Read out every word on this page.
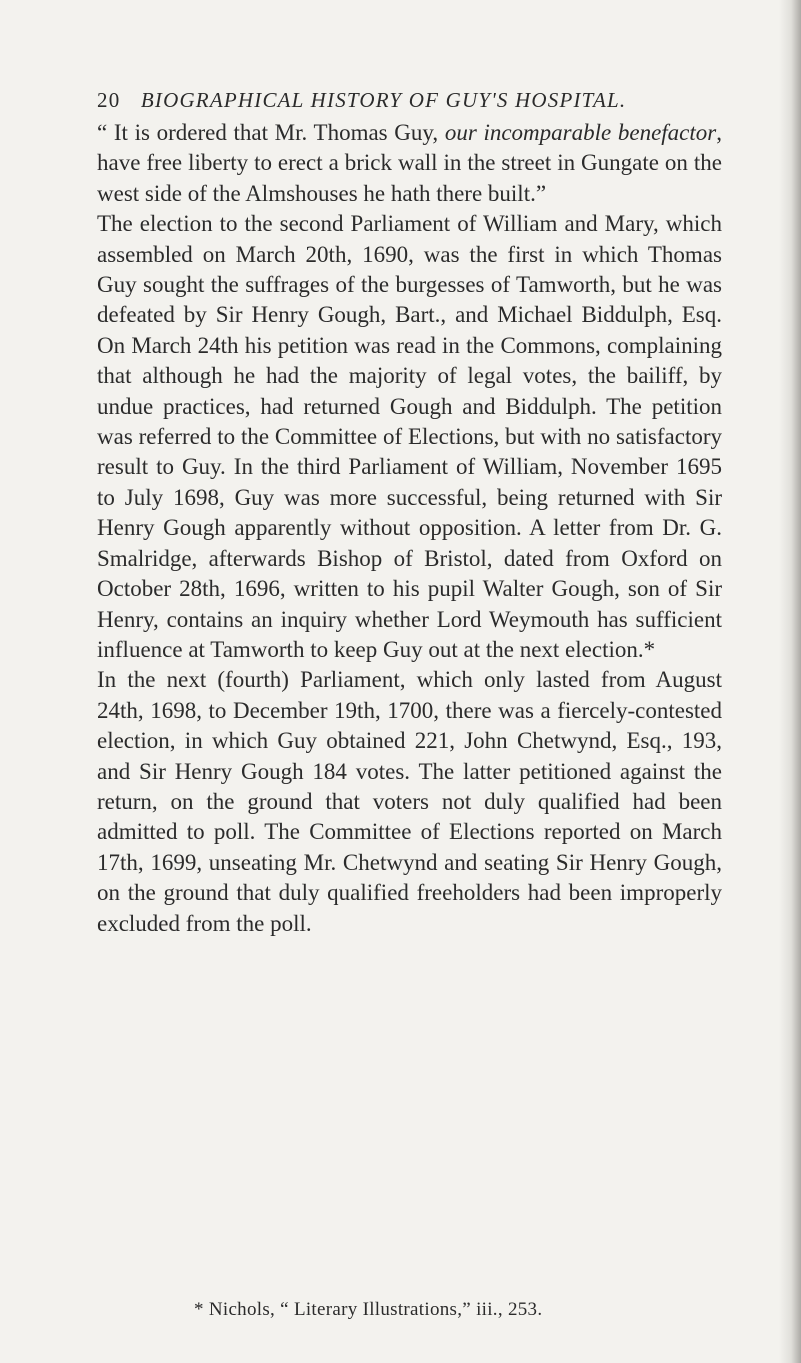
20 BIOGRAPHICAL HISTORY OF GUY'S HOSPITAL.

“ It is ordered that Mr. Thomas Guy, our incomparable benefactor, have free liberty to erect a brick wall in the street in Gungate on the west side of the Almshouses he hath there built.”

The election to the second Parliament of William and Mary, which assembled on March 20th, 1690, was the first in which Thomas Guy sought the suffrages of the burgesses of Tamworth, but he was defeated by Sir Henry Gough, Bart., and Michael Biddulph, Esq. On March 24th his petition was read in the Commons, complaining that although he had the majority of legal votes, the bailiff, by undue practices, had returned Gough and Biddulph. The petition was referred to the Committee of Elections, but with no satisfactory result to Guy. In the third Parliament of William, November 1695 to July 1698, Guy was more successful, being returned with Sir Henry Gough apparently without opposition. A letter from Dr. G. Smalridge, afterwards Bishop of Bristol, dated from Oxford on October 28th, 1696, written to his pupil Walter Gough, son of Sir Henry, contains an inquiry whether Lord Weymouth has sufficient influence at Tamworth to keep Guy out at the next election.*

In the next (fourth) Parliament, which only lasted from August 24th, 1698, to December 19th, 1700, there was a fiercely-contested election, in which Guy obtained 221, John Chetwynd, Esq., 193, and Sir Henry Gough 184 votes. The latter petitioned against the return, on the ground that voters not duly qualified had been admitted to poll. The Committee of Elections reported on March 17th, 1699, unseating Mr. Chetwynd and seating Sir Henry Gough, on the ground that duly qualified freeholders had been improperly excluded from the poll.

* Nichols, “ Literary Illustrations,” iii., 253.
